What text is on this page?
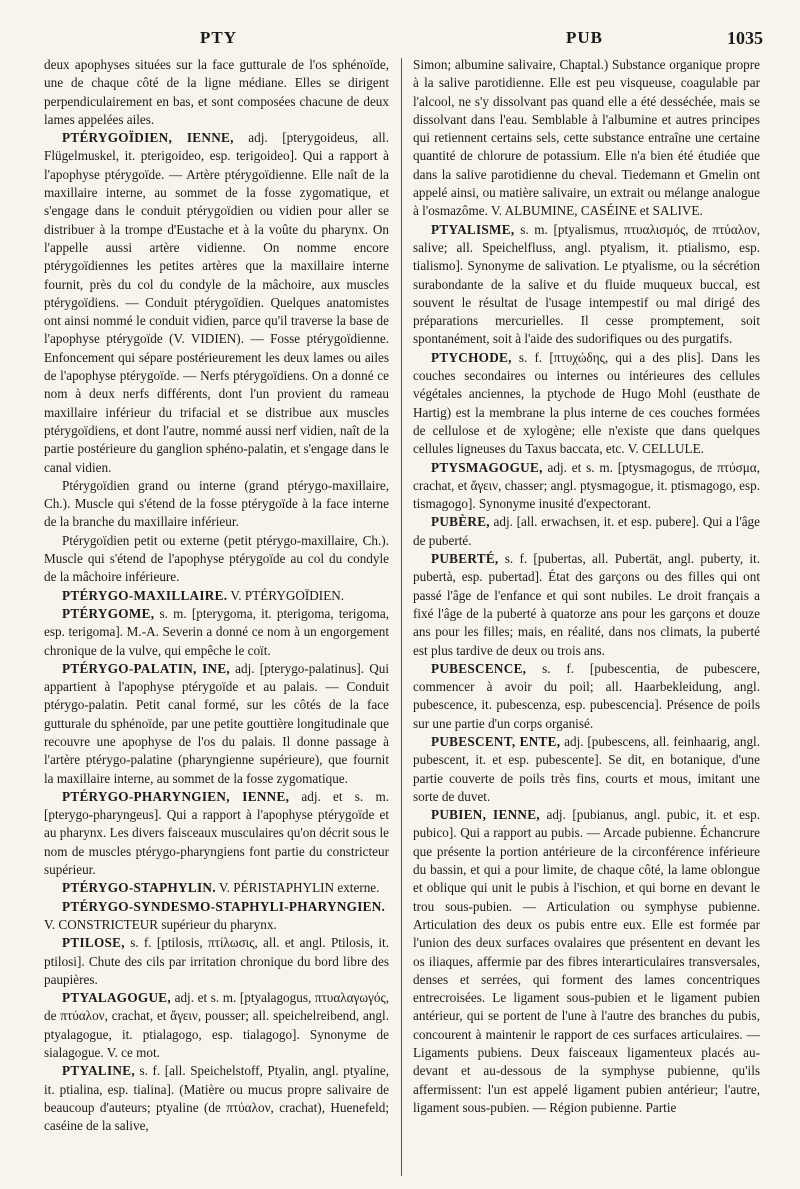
PTY	PUB	1035

deux apophyses situées sur la face gutturale de l'os sphénoïde, une de chaque côté de la ligne médiane. Elles se dirigent perpendiculairement en bas, et sont composées chacune de deux lames appelées ailes.

PTÉRYGOÏDIEN, IENNE, adj. [pterygoideus, all. Flügelmuskel, it. pterigoideo, esp. terigoideo]. Qui a rapport à l'apophyse ptérygoïde. — Artère ptérygoïdienne. Elle naît de la maxillaire interne, au sommet de la fosse zygomatique, et s'engage dans le conduit ptérygoïdien ou vidien pour aller se distribuer à la trompe d'Eustache et à la voûte du pharynx. On l'appelle aussi artère vidienne. On nomme encore ptérygoïdiennes les petites artères que la maxillaire interne fournit, près du col du condyle de la mâchoire, aux muscles ptérygoïdiens. — Conduit ptérygoïdien. Quelques anatomistes ont ainsi nommé le conduit vidien, parce qu'il traverse la base de l'apophyse ptérygoïde (V. VIDIEN). — Fosse ptérygoïdienne. Enfoncement qui sépare postérieurement les deux lames ou ailes de l'apophyse ptérygoïde. — Nerfs ptérygoïdiens. On a donné ce nom à deux nerfs différents, dont l'un provient du rameau maxillaire inférieur du trifacial et se distribue aux muscles ptérygoïdiens, et dont l'autre, nommé aussi nerf vidien, naît de la partie postérieure du ganglion sphéno-palatin, et s'engage dans le canal vidien.

Ptérygoïdien grand ou interne (grand ptérygo-maxillaire, Ch.). Muscle qui s'étend de la fosse ptérygoïde à la face interne de la branche du maxillaire inférieur.

Ptérygoïdien petit ou externe (petit ptérygo-maxillaire, Ch.). Muscle qui s'étend de l'apophyse ptérygoïde au col du condyle de la mâchoire inférieure.

PTÉRYGO-MAXILLAIRE. V. PTÉRYGOÏDIEN.

PTÉRYGOME, s. m. [pterygoma, it. pterigoma, terigoma, esp. terigoma]. M.-A. Severin a donné ce nom à un engorgement chronique de la vulve, qui empêche le coït.

PTÉRYGO-PALATIN, INE, adj. [pterygo-palatinus]. Qui appartient à l'apophyse ptérygoïde et au palais. — Conduit ptérygo-palatin. Petit canal formé, sur les côtés de la face gutturale du sphénoïde, par une petite gouttière longitudinale que recouvre une apophyse de l'os du palais. Il donne passage à l'artère ptérygo-palatine (pharyngienne supérieure), que fournit la maxillaire interne, au sommet de la fosse zygomatique.

PTÉRYGO-PHARYNGIEN, IENNE, adj. et s. m. [pterygo-pharyngeus]. Qui a rapport à l'apophyse ptérygoïde et au pharynx. Les divers faisceaux musculaires qu'on décrit sous le nom de muscles ptérygo-pharyngiens font partie du constricteur supérieur.

PTÉRYGO-STAPHYLIN. V. PÉRISTAPHYLIN externe.

PTÉRYGO-SYNDESMO-STAPHYLI-PHARYNGIEN. V. CONSTRICTEUR supérieur du pharynx.

PTILOSE, s. f. [ptilosis, πτίλωσις, all. et angl. Ptilosis, it. ptilosi]. Chute des cils par irritation chronique du bord libre des paupières.

PTYALAGOGUE, adj. et s. m. [ptyalagogus, πτυαλαγωγός, de πτύαλον, crachat, et ἄγειν, pousser; all. speichelreibend, angl. ptyalagogue, it. ptialagogo, esp. tialagogo]. Synonyme de sialagogue. V. ce mot.

PTYALINE, s. f. [all. Speichelstoff, Ptyalin, angl. ptyaline, it. ptialina, esp. tialina]. (Matière ou mucus propre salivaire de beaucoup d'auteurs; ptyaline (de πτύαλον, crachat), Huenefeld; caséine de la salive,

Simon; albumine salivaire, Chaptal.) Substance organique propre à la salive parotidienne. Elle est peu visqueuse, coagulable par l'alcool, ne s'y dissolvant pas quand elle a été desséchée, mais se dissolvant dans l'eau. Semblable à l'albumine et autres principes qui retiennent certains sels, cette substance entraîne une certaine quantité de chlorure de potassium. Elle n'a bien été étudiée que dans la salive parotidienne du cheval. Tiedemann et Gmelin ont appelé ainsi, ou matière salivaire, un extrait ou mélange analogue à l'osmazôme. V. ALBUMINE, CASÉINE et SALIVE.

PTYALISME, s. m. [ptyalismus, πτυαλισμός, de πτύαλον, salive; all. Speichelfluss, angl. ptyalism, it. ptialismo, esp. tialismo]. Synonyme de salivation. Le ptyalisme, ou la sécrétion surabondante de la salive et du fluide muqueux buccal, est souvent le résultat de l'usage intempestif ou mal dirigé des préparations mercurielles. Il cesse promptement, soit spontanément, soit à l'aide des sudorifiques ou des purgatifs.

PTYCHODE, s. f. [πτυχώδης, qui a des plis]. Dans les couches secondaires ou internes ou intérieures des cellules végétales anciennes, la ptychode de Hugo Mohl (eusthate de Hartig) est la membrane la plus interne de ces couches formées de cellulose et de xylogène; elle n'existe que dans quelques cellules ligneuses du Taxus baccata, etc. V. CELLULE.

PTYSMAGOGUE, adj. et s. m. [ptysmagogus, de πτύσμα, crachat, et ἄγειν, chasser; angl. ptysmagogue, it. ptismagogo, esp. tismagogo]. Synonyme inusité d'expectorant.

PUBÈRE, adj. [all. erwachsen, it. et esp. pubere]. Qui a l'âge de puberté.

PUBERTÉ, s. f. [pubertas, all. Pubertät, angl. puberty, it. pubertà, esp. pubertad]. État des garçons ou des filles qui ont passé l'âge de l'enfance et qui sont nubiles. Le droit français a fixé l'âge de la puberté à quatorze ans pour les garçons et douze ans pour les filles; mais, en réalité, dans nos climats, la puberté est plus tardive de deux ou trois ans.

PUBESCENCE, s. f. [pubescentia, de pubescere, commencer à avoir du poil; all. Haarbekleidung, angl. pubescence, it. pubescenza, esp. pubescencia]. Présence de poils sur une partie d'un corps organisé.

PUBESCENT, ENTE, adj. [pubescens, all. feinhaarig, angl. pubescent, it. et esp. pubescente]. Se dit, en botanique, d'une partie couverte de poils très fins, courts et mous, imitant une sorte de duvet.

PUBIEN, IENNE, adj. [pubianus, angl. pubic, it. et esp. pubico]. Qui a rapport au pubis. — Arcade pubienne. Échancrure que présente la portion antérieure de la circonférence inférieure du bassin, et qui a pour limite, de chaque côté, la lame oblongue et oblique qui unit le pubis à l'ischion, et qui borne en devant le trou sous-pubien. — Articulation ou symphyse pubienne. Articulation des deux os pubis entre eux. Elle est formée par l'union des deux surfaces ovalaires que présentent en devant les os iliaques, affermie par des fibres interarticulaires transversales, denses et serrées, qui forment des lames concentriques entrecroisées. Le ligament sous-pubien et le ligament pubien antérieur, qui se portent de l'une à l'autre des branches du pubis, concourent à maintenir le rapport de ces surfaces articulaires. — Ligaments pubiens. Deux faisceaux ligamenteux placés au-devant et au-dessous de la symphyse pubienne, qu'ils affermissent: l'un est appelé ligament pubien antérieur; l'autre, ligament sous-pubien. — Région pubienne. Partie
